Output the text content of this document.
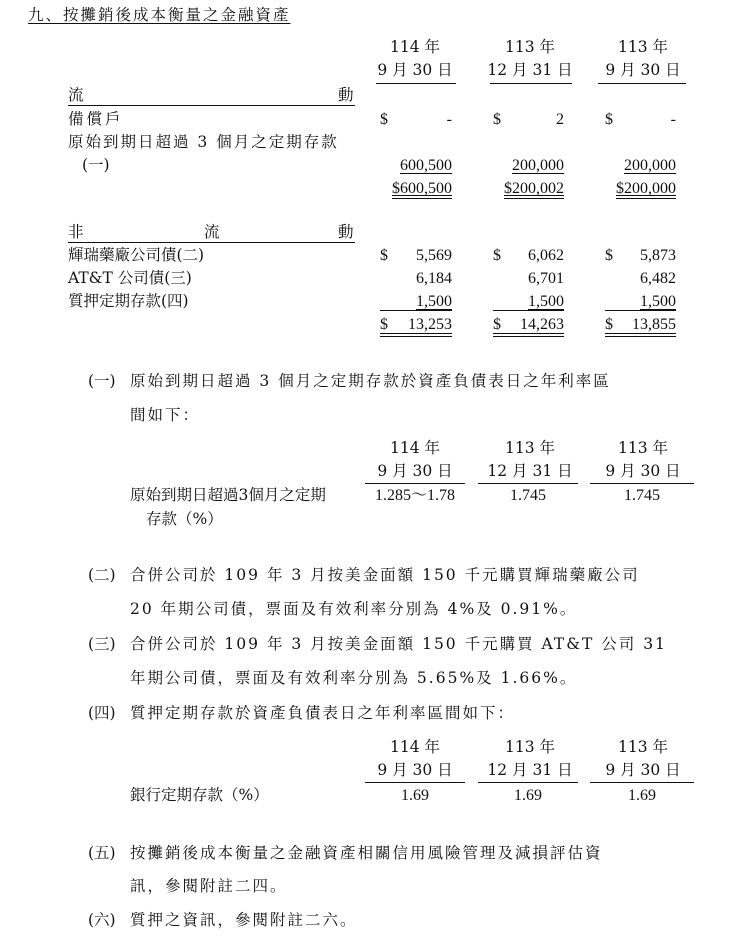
九、按攤銷後成本衡量之金融資產
114 年	113 年	113 年
9 月 30 日	12 月 31 日	9 月 30 日
流	動
備償戶	$	-	$	2	$	-
原始到期日超過 3 個月之定期存款
(一)	600,500	200,000	200,000
$600,500	$200,002	$200,000
非	流	動
輝瑞藥廠公司債(二)	$	5,569	$	6,062	$	5,873
AT&T 公司債(三)	6,184	6,701	6,482
質押定期存款(四)	1,500	1,500	1,500
$	13,253	$	14,263	$	13,855
(一) 原始到期日超過 3 個月之定期存款於資產負債表日之年利率區
間如下：
114 年	113 年	113 年
9 月 30 日	12 月 31 日	9 月 30 日
原始到期日超過3個月之定期
存款（%）
1.285～1.78	1.745	1.745
(二) 合併公司於 109 年 3 月按美金面額 150 千元購買輝瑞藥廠公司
20 年期公司債，票面及有效利率分別為 4%及 0.91%。
(三) 合併公司於 109 年 3 月按美金面額 150 千元購買 AT&T 公司 31
年期公司債，票面及有效利率分別為 5.65%及 1.66%。
(四) 質押定期存款於資產負債表日之年利率區間如下：
114 年	113 年	113 年
9 月 30 日	12 月 31 日	9 月 30 日
銀行定期存款（%）	1.69	1.69	1.69
(五) 按攤銷後成本衡量之金融資產相關信用風險管理及減損評估資
訊，參閱附註二四。
(六) 質押之資訊，參閱附註二六。
